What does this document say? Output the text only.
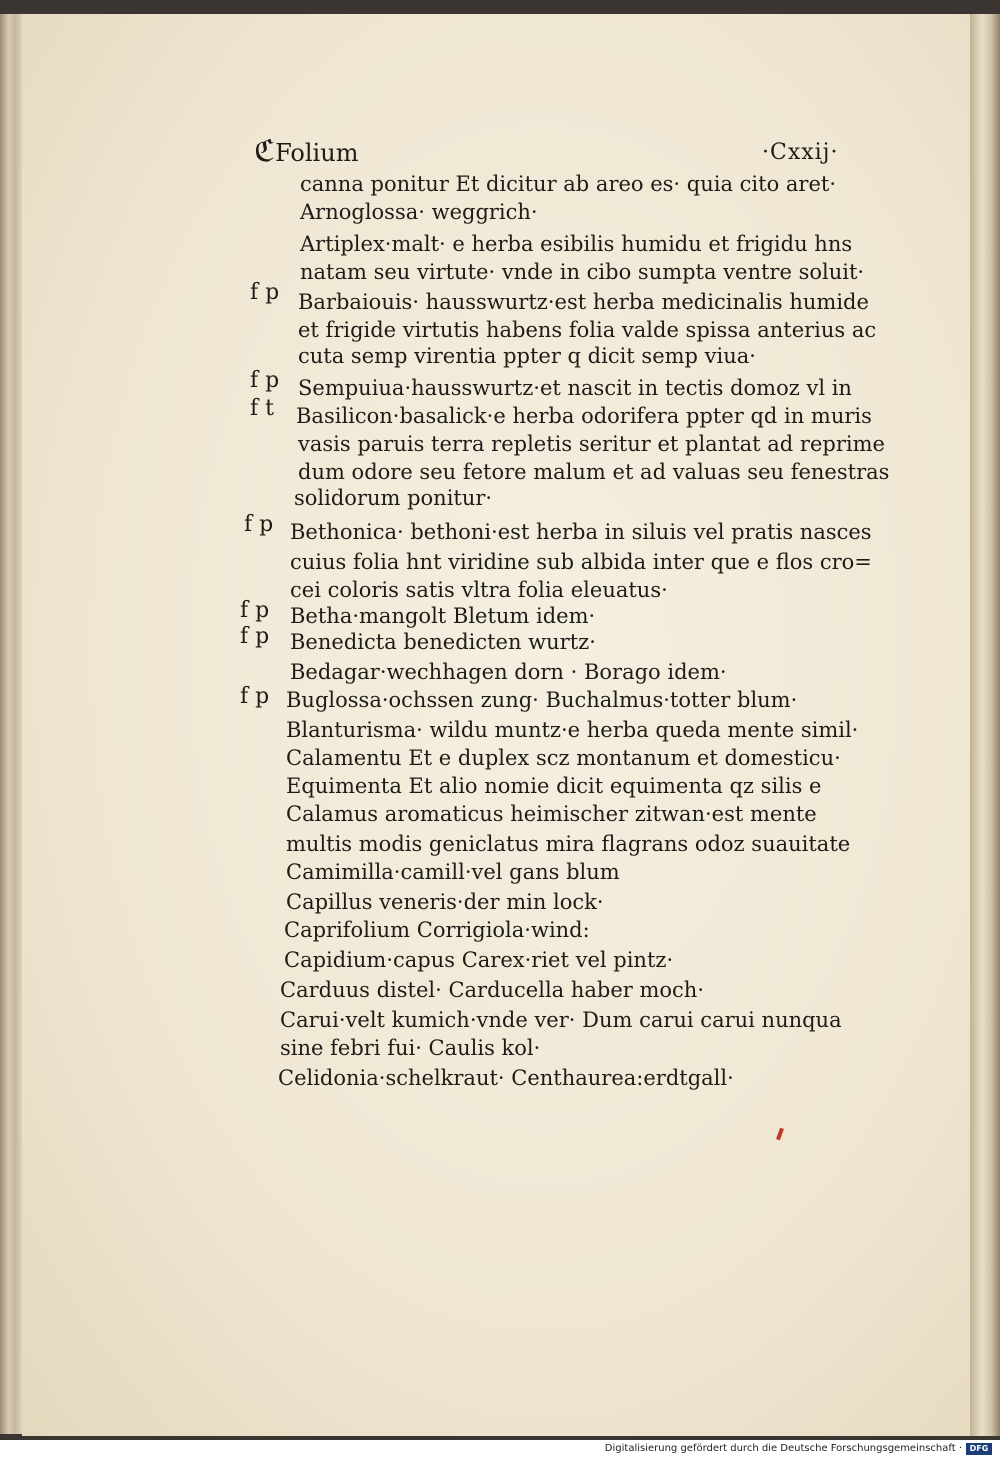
ℭFolium	·Cxxij·
canna ponitur Et dicitur ab areo es· quia cito aret·
Arnoglossa· weggrich·
Artiplex·malt· e herba esibilis humidu et frigidu hns
natam seu virtute· vnde in cibo sumpta ventre soluit·
Barbaiouis· hausswurtz·est herba medicinalis humide
et frigide virtutis habens folia valde spissa anterius ac
cuta semp virentia ppter q dicit semp viua·
Sempuiua·hausswurtz·et nascit in tectis domoz vl in
Basilicon·basalick·e herba odorifera ppter qd in muris
vasis paruis terra repletis seritur et plantat ad reprime
dum odore seu fetore malum et ad valuas seu fenestras
solidorum ponitur·
Bethonica· bethoni·est herba in siluis vel pratis nasces
cuius folia hnt viridine sub albida inter que e flos cro=
cei coloris satis vltra folia eleuatus·
Betha·mangolt Bletum idem·
Benedicta benedicten wurtz·
Bedagar·wechhagen dorn · Borago idem·
Buglossa·ochssen zung· Buchalmus·totter blum·
Blanturisma· wildu muntz·e herba queda mente simil·
Calamentu Et e duplex scz montanum et domesticu·
Equimenta Et alio nomie dicit equimenta qz silis e
Calamus aromaticus heimischer zitwan·est mente
multis modis geniclatus mira flagrans odoz suauitate
Camimilla·camill·vel gans blum
Capillus veneris·der min lock·
Caprifolium Corrigiola·wind:
Capidium·capus Carex·riet vel pintz·
Carduus distel· Carducella haber moch·
Carui·velt kumich·vnde ver· Dum carui carui nunqua
sine febri fui· Caulis kol·
Celidonia·schelkraut· Centhaurea:erdtgall·
f p
f p
f t
f p
f p
f p
f p
Digitalisierung gefördert durch die Deutsche Forschungsgemeinschaft · DFG
